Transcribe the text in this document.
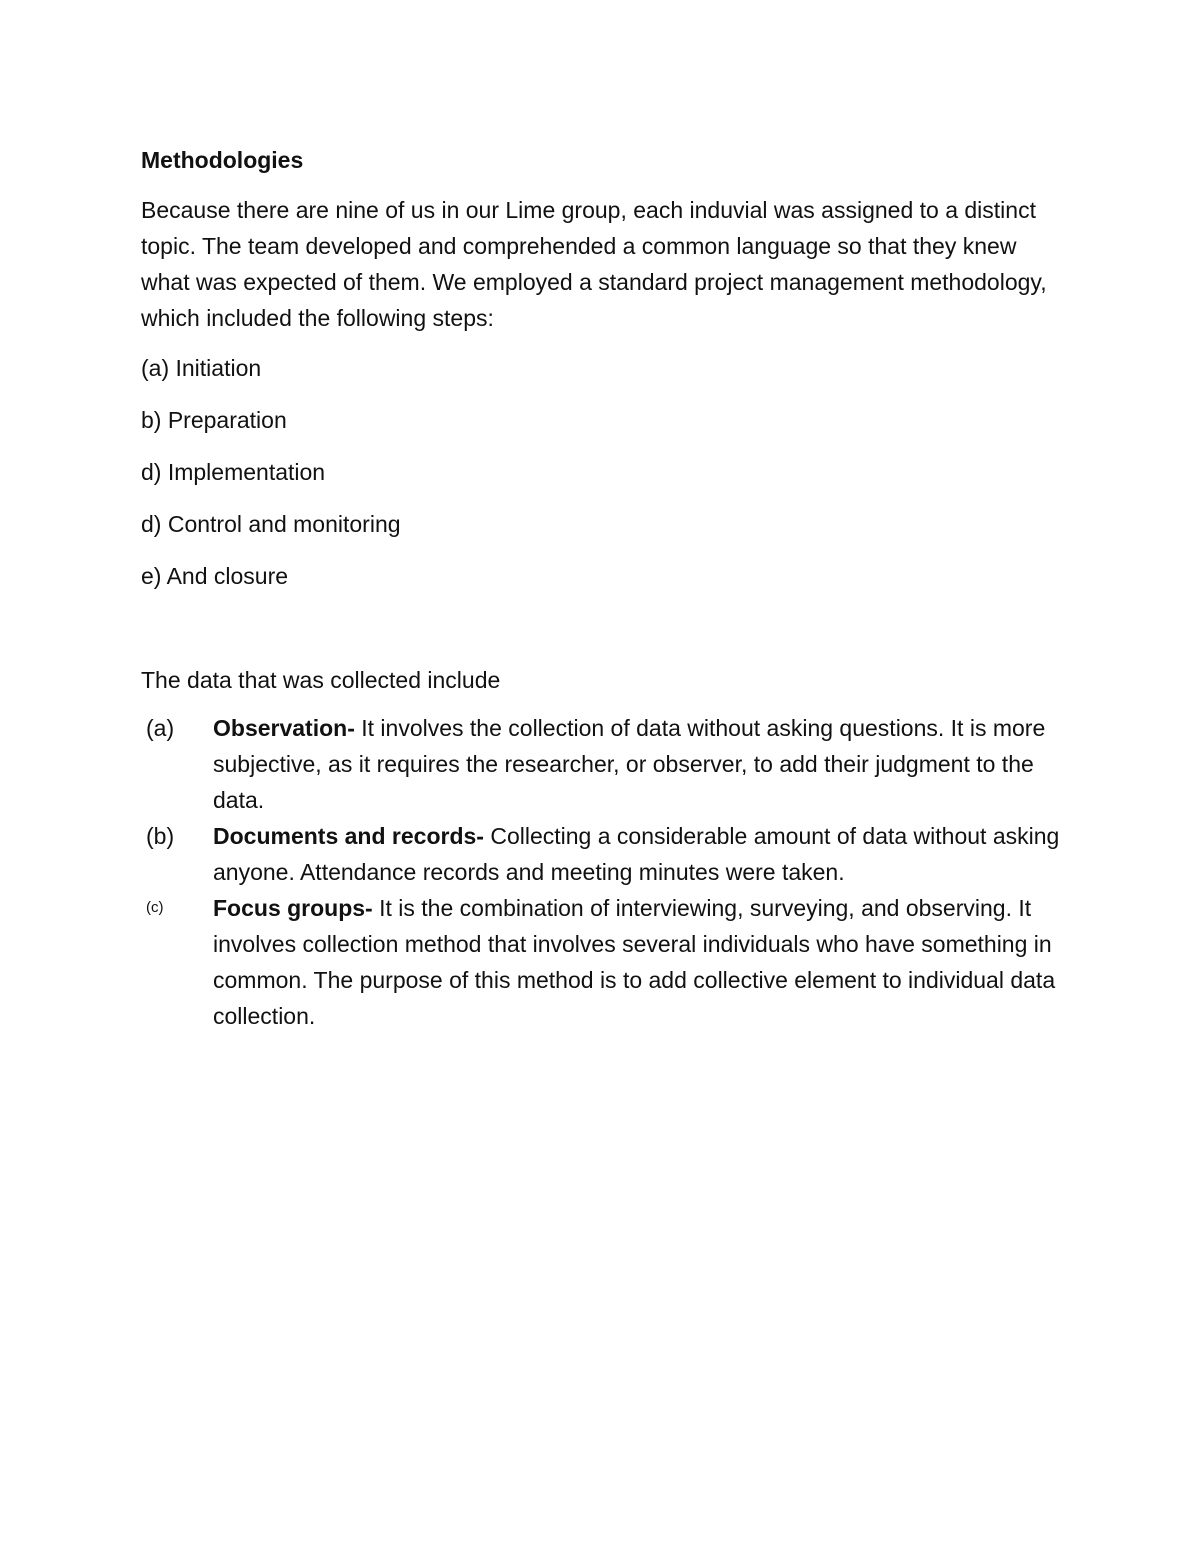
Methodologies
Because there are nine of us in our Lime group, each induvial was assigned to a distinct topic. The team developed and comprehended a common language so that they knew what was expected of them. We employed a standard project management methodology, which included the following steps:
(a) Initiation
b) Preparation
d) Implementation
d) Control and monitoring
e) And closure
The data that was collected include
(a)	Observation- It involves the collection of data without asking questions. It is more subjective, as it requires the researcher, or observer, to add their judgment to the data.
(b)	Documents and records- Collecting a considerable amount of data without asking anyone. Attendance records and meeting minutes were taken.
(c)	Focus groups- It is the combination of interviewing, surveying, and observing. It involves collection method that involves several individuals who have something in common. The purpose of this method is to add collective element to individual data collection.
